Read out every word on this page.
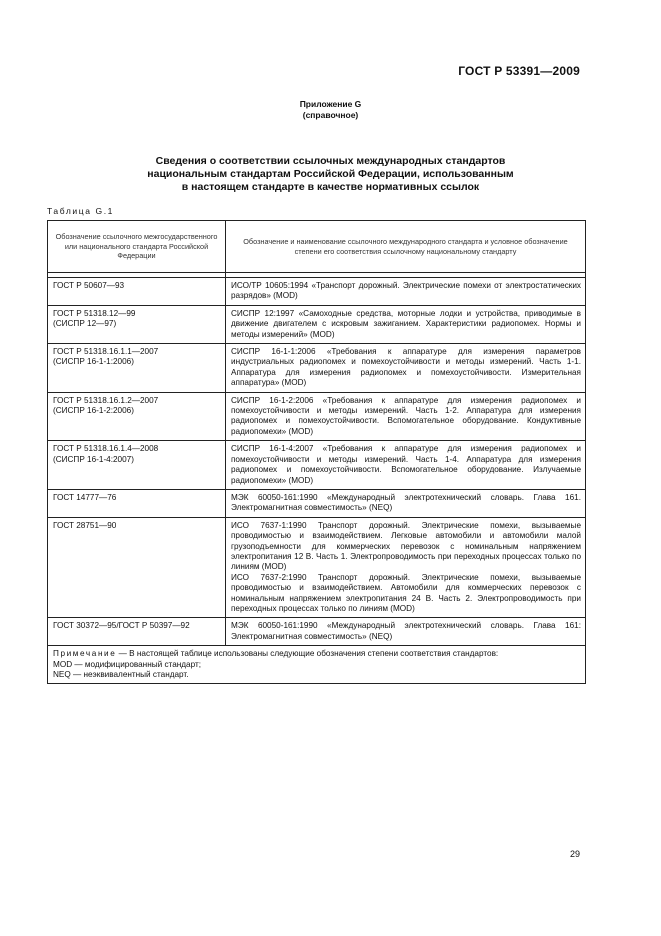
ГОСТ Р 53391—2009
Приложение G
(справочное)
Сведения о соответствии ссылочных международных стандартов
национальным стандартам Российской Федерации, использованным
в настоящем стандарте в качестве нормативных ссылок
Таблица G.1
Обозначение ссылочного межгосударственного или национального стандарта Российской Федерации	Обозначение и наименование ссылочного международного стандарта и условное обозначение степени его соответствия ссылочному национальному стандарту

ГОСТ Р 50607—93	ИСО/ТР 10605:1994 «Транспорт дорожный. Электрические помехи от электростатических разрядов» (MOD)

ГОСТ Р 51318.12—99
(СИСПР 12—97)	СИСПР 12:1997 «Самоходные средства, моторные лодки и устройства, приводимые в движение двигателем с искровым зажиганием. Характеристики радиопомех. Нормы и методы измерений» (MOD)

ГОСТ Р 51318.16.1.1—2007
(СИСПР 16-1-1:2006)	СИСПР 16-1-1:2006 «Требования к аппаратуре для измерения параметров индустриальных радиопомех и помехоустойчивости и методы измерений. Часть 1-1. Аппаратура для измерения радиопомех и помехоустойчивости. Измерительная аппаратура» (MOD)

ГОСТ Р 51318.16.1.2—2007
(СИСПР 16-1-2:2006)	СИСПР 16-1-2:2006 «Требования к аппаратуре для измерения радиопомех и помехоустойчивости и методы измерений. Часть 1-2. Аппаратура для измерения радиопомех и помехоустойчивости. Вспомогательное оборудование. Кондуктивные радиопомехи» (MOD)

ГОСТ Р 51318.16.1.4—2008
(СИСПР 16-1-4:2007)	СИСПР 16-1-4:2007 «Требования к аппаратуре для измерения радиопомех и помехоустойчивости и методы измерений. Часть 1-4. Аппаратура для измерения радиопомех и помехоустойчивости. Вспомогательное оборудование. Излучаемые радиопомехи» (MOD)

ГОСТ 14777—76	МЭК 60050-161:1990 «Международный электротехнический словарь. Глава 161. Электромагнитная совместимость» (NEQ)

ГОСТ 28751—90	ИСО 7637-1:1990 Транспорт дорожный. Электрические помехи, вызываемые проводимостью и взаимодействием. Легковые автомобили и автомобили малой грузоподъемности для коммерческих перевозок с номинальным напряжением электропитания 12 В. Часть 1. Электропроводимость при переходных процессах только по линиям (MOD)
ИСО 7637-2:1990 Транспорт дорожный. Электрические помехи, вызываемые проводимостью и взаимодействием. Автомобили для коммерческих перевозок с номинальным напряжением электропитания 24 В. Часть 2. Электропроводимость при переходных процессах только по линиям (MOD)

ГОСТ 30372—95/ГОСТ Р 50397—92	МЭК 60050-161:1990 «Международный электротехнический словарь. Глава 161: Электромагнитная совместимость» (NEQ)

Примечание — В настоящей таблице использованы следующие обозначения степени соответствия стандартов:
MOD — модифицированный стандарт;
NEQ — неэквивалентный стандарт.	
29
